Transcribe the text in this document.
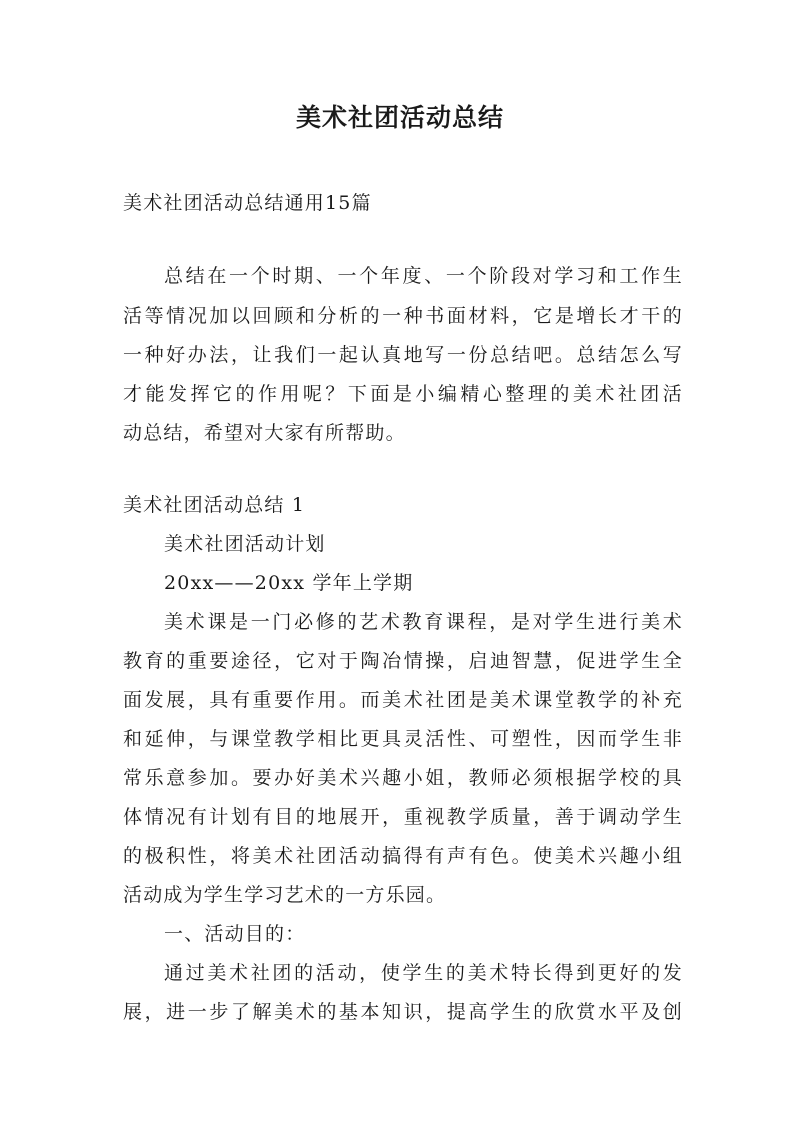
美术社团活动总结
美术社团活动总结通用15篇
总结在一个时期、一个年度、一个阶段对学习和工作生
活等情况加以回顾和分析的一种书面材料，它是增长才干的
一种好办法，让我们一起认真地写一份总结吧。总结怎么写
才能发挥它的作用呢？下面是小编精心整理的美术社团活
动总结，希望对大家有所帮助。
美术社团活动总结 1
美术社团活动计划
20xx——20xx 学年上学期
美术课是一门必修的艺术教育课程，是对学生进行美术
教育的重要途径，它对于陶冶情操，启迪智慧，促进学生全
面发展，具有重要作用。而美术社团是美术课堂教学的补充
和延伸，与课堂教学相比更具灵活性、可塑性，因而学生非
常乐意参加。要办好美术兴趣小姐，教师必须根据学校的具
体情况有计划有目的地展开，重视教学质量，善于调动学生
的极积性，将美术社团活动搞得有声有色。使美术兴趣小组
活动成为学生学习艺术的一方乐园。
一、活动目的：
通过美术社团的活动，使学生的美术特长得到更好的发
展，进一步了解美术的基本知识，提高学生的欣赏水平及创
